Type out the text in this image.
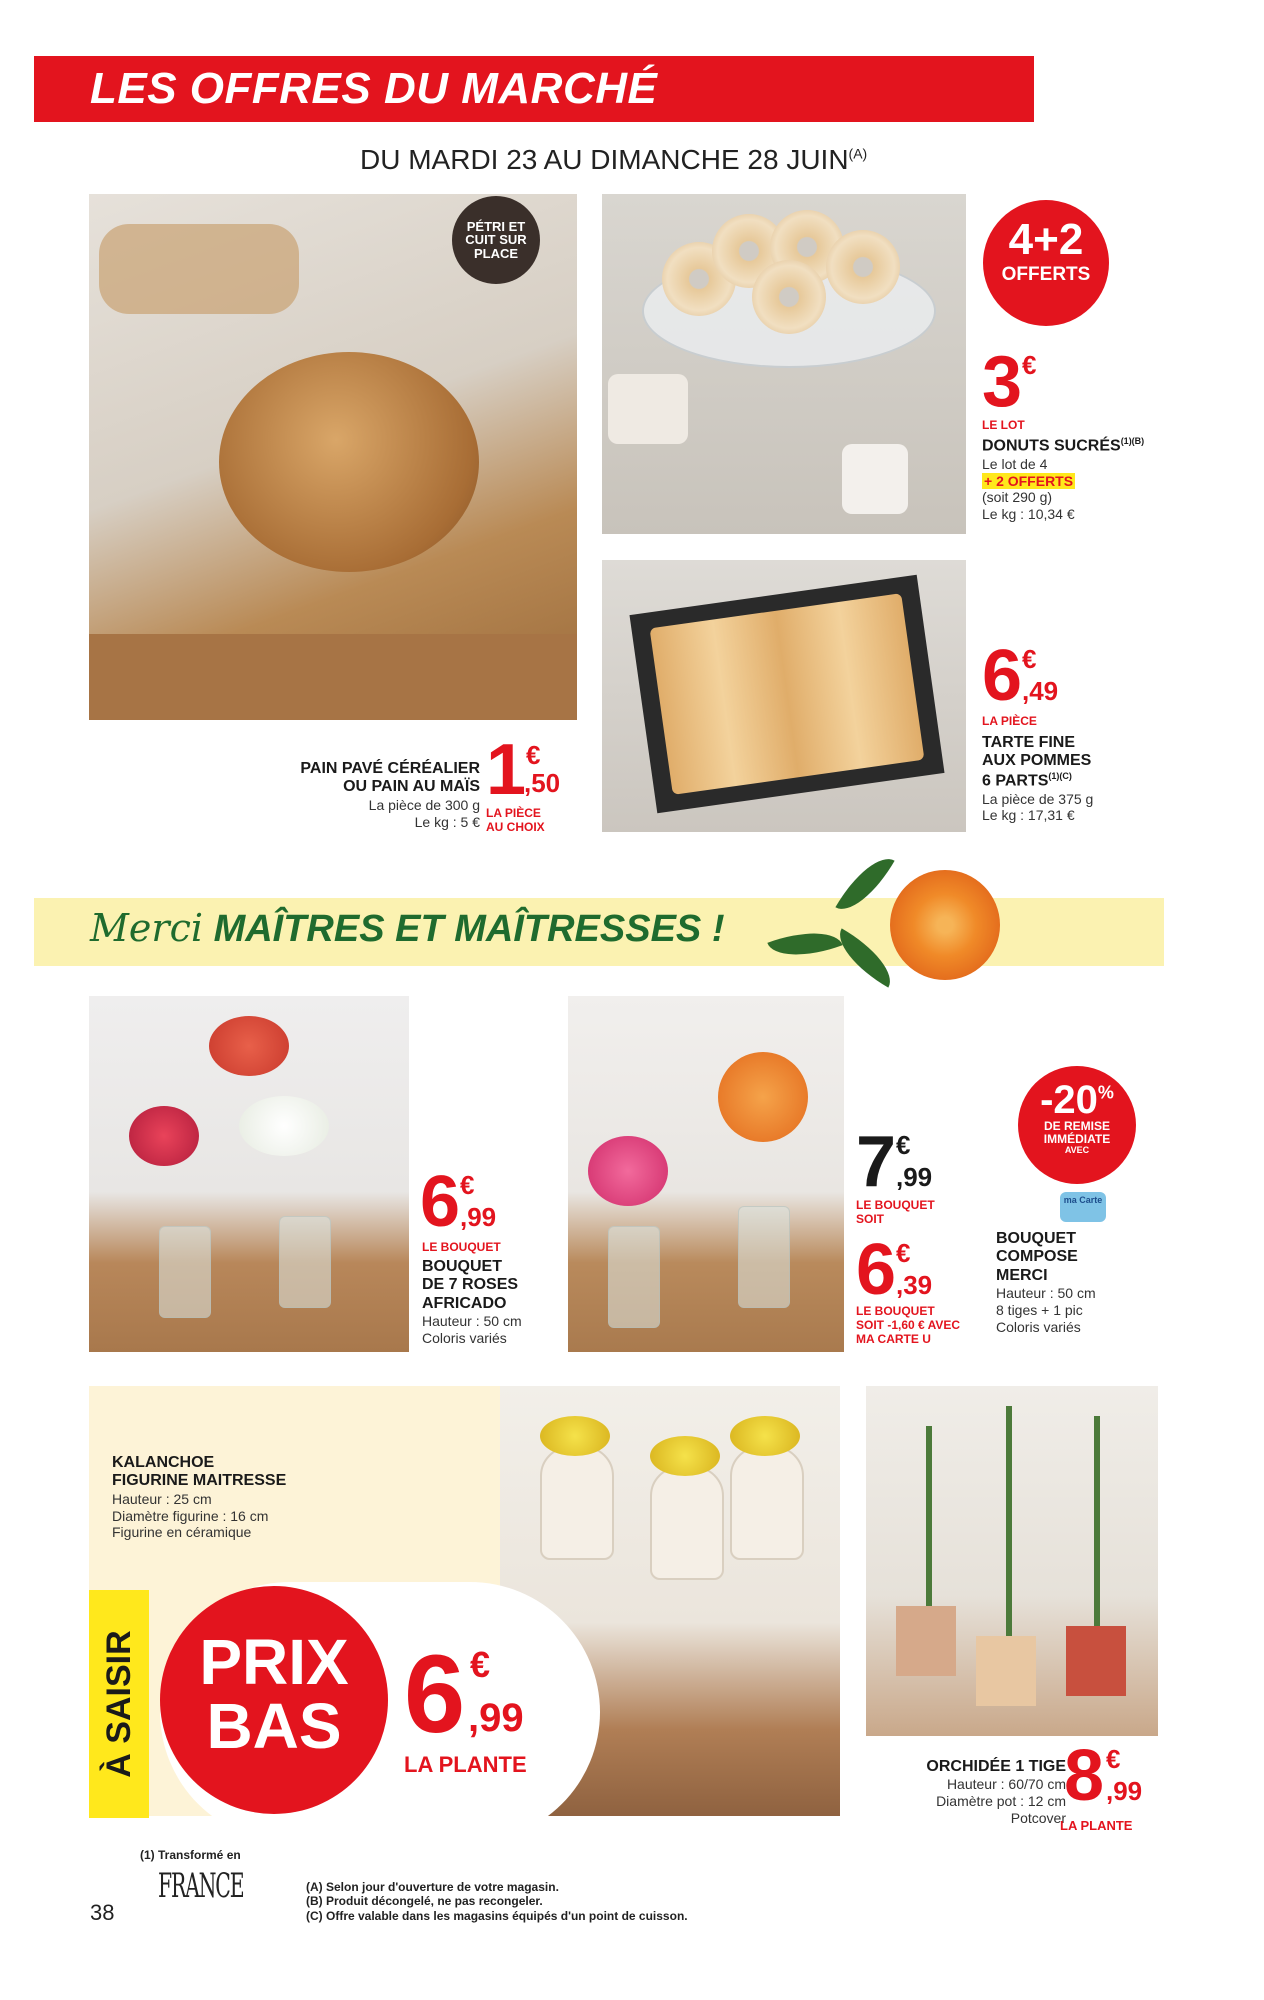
LES OFFRES DU MARCHÉ
DU MARDI 23 AU DIMANCHE 28 $JUIN^{(A)}$
PÉTRI ET CUIT SUR PLACE
PAIN PAVÉ CÉRÉALIER
OU PAIN AU MAÏS
La pièce de 300 g
Le kg : 5 €
1 €
,50
LA PIÈCE
AU CHOIX
4+2
OFFERTS
3 €
LE LOT
DONUTS $SUCRÉS^{(1)(B)}$
Le lot de 4
+ 2 OFFERTS
(soit 290 g)
Le kg : 10,34 €
6 €
,49
LA PIÈCE
TARTE FINE
AUX POMMES
6 $PARTS^{(1)(C)}$
La pièce de 375 g
Le kg : 17,31 €
Merci MAÎTRES ET MAÎTRESSES !
6 €
,99
LE BOUQUET
BOUQUET
DE 7 ROSES
AFRICADO
Hauteur : 50 cm
Coloris variés
7 €
,99
LE BOUQUET
SOIT
6 €
,39
LE BOUQUET
SOIT -1,60 € AVEC
MA CARTE U
-20%
DE REMISE
IMMÉDIATE
AVEC
ma Carte
BOUQUET
COMPOSE
MERCI
Hauteur : 50 cm
8 tiges + 1 pic
Coloris variés
KALANCHOE
FIGURINE MAITRESSE
Hauteur : 25 cm
Diamètre figurine : 16 cm
Figurine en céramique
À SAISIR PRIX
BAS 6 €
,99
LA PLANTE	ORCHIDÉE 1 TIGE
Hauteur : 60/70 cm
Diamètre pot : 12 cm
Potcover
8 €
,99
LA PLANTE
38
(1) Transformé en
FRANCE	(A) Selon jour d'ouverture de votre magasin.
(B) Produit décongelé, ne pas recongeler.
(C) Offre valable dans les magasins équipés d'un point de cuisson.
